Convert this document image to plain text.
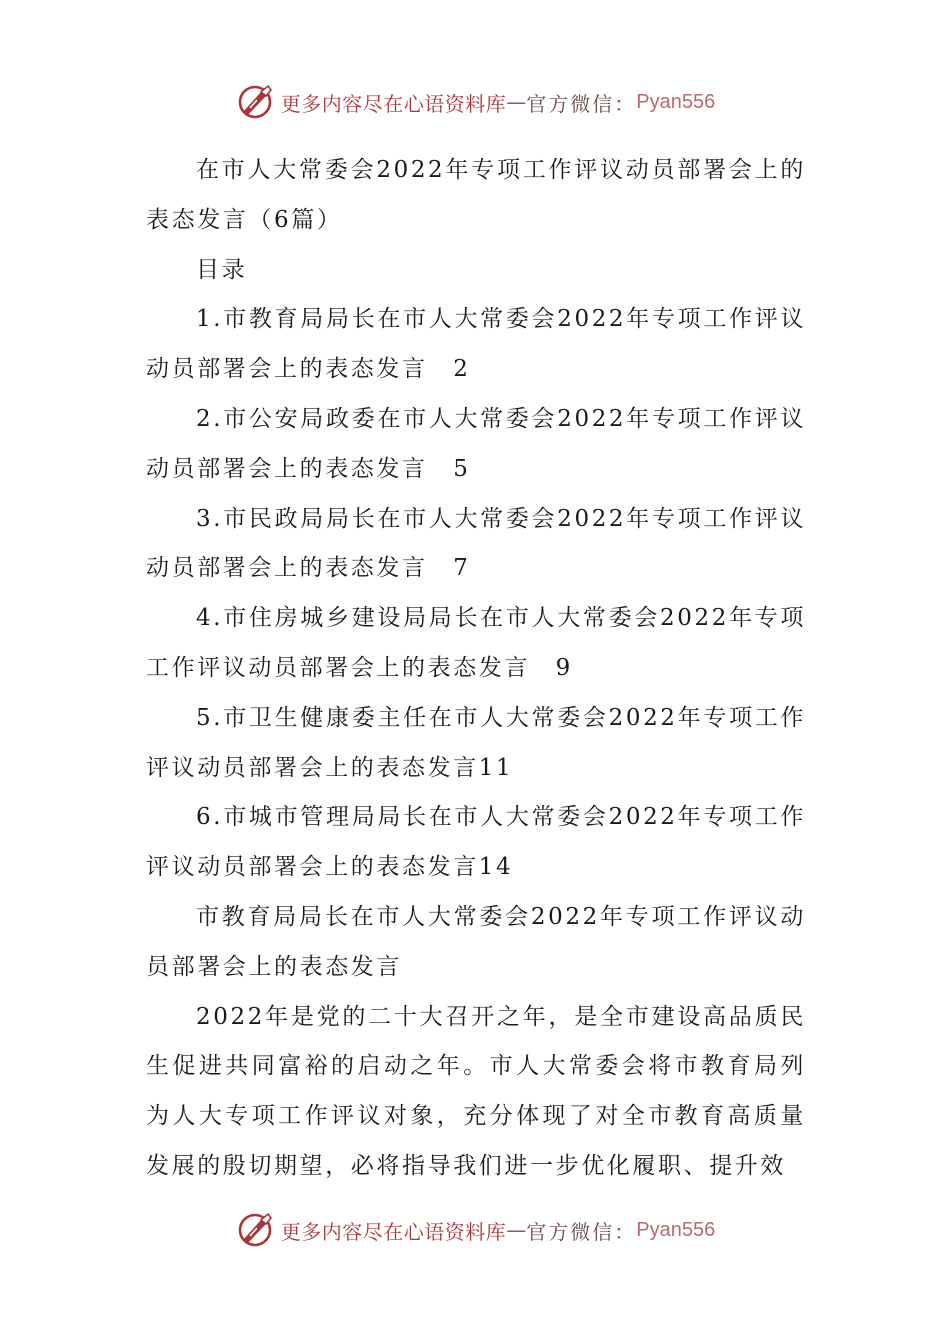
更多内容尽在心语资料库 — 官方微信： Pyan556

在市人大常委会2022年专项工作评议动员部署会上的表态发言（6篇）

目录

1.市教育局局长在市人大常委会2022年专项工作评议动员部署会上的表态发言　2

2.市公安局政委在市人大常委会2022年专项工作评议动员部署会上的表态发言　5

3.市民政局局长在市人大常委会2022年专项工作评议动员部署会上的表态发言　7

4.市住房城乡建设局局长在市人大常委会2022年专项工作评议动员部署会上的表态发言　9

5.市卫生健康委主任在市人大常委会2022年专项工作评议动员部署会上的表态发言11

6.市城市管理局局长在市人大常委会2022年专项工作评议动员部署会上的表态发言14

市教育局局长在市人大常委会2022年专项工作评议动员部署会上的表态发言

2022年是党的二十大召开之年，是全市建设高品质民生促进共同富裕的启动之年。市人大常委会将市教育局列为人大专项工作评议对象，充分体现了对全市教育高质量发展的殷切期望，必将指导我们进一步优化履职、提升效

更多内容尽在心语资料库 — 官方微信： Pyan556
